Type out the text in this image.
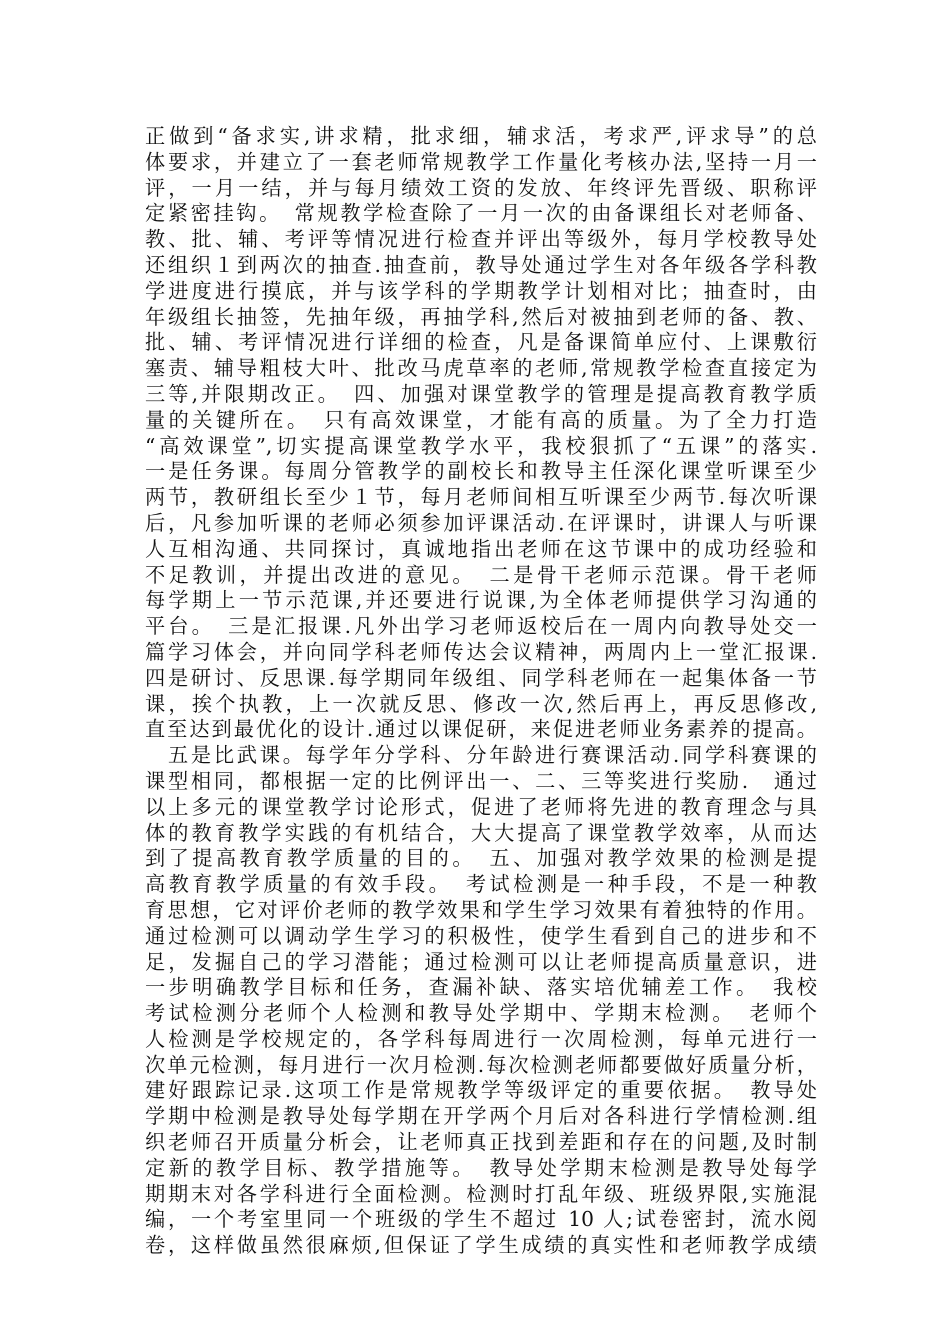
正做到“备求实,讲求精，批求细，辅求活，考求严,评求导”的总
体要求，并建立了一套老师常规教学工作量化考核办法,坚持一月一
评，一月一结，并与每月绩效工资的发放、年终评先晋级、职称评
定紧密挂钩。　常规教学检查除了一月一次的由备课组长对老师备、
教、批、辅、考评等情况进行检查并评出等级外，每月学校教导处
还组织１到两次的抽查.抽查前，教导处通过学生对各年级各学科教
学进度进行摸底，并与该学科的学期教学计划相对比；抽查时，由
年级组长抽签，先抽年级，再抽学科,然后对被抽到老师的备、教、
批、辅、考评情况进行详细的检查，凡是备课简单应付、上课敷衍
塞责、辅导粗枝大叶、批改马虎草率的老师,常规教学检查直接定为
三等,并限期改正。　四、加强对课堂教学的管理是提高教育教学质
量的关键所在。　只有高效课堂，才能有高的质量。为了全力打造
“高效课堂”,切实提高课堂教学水平，我校狠抓了“五课”的落实.
一是任务课。每周分管教学的副校长和教导主任深化课堂听课至少
两节，教研组长至少１节，每月老师间相互听课至少两节.每次听课
后，凡参加听课的老师必须参加评课活动.在评课时，讲课人与听课
人互相沟通、共同探讨，真诚地指出老师在这节课中的成功经验和
不足教训，并提出改进的意见。　二是骨干老师示范课。骨干老师
每学期上一节示范课,并还要进行说课,为全体老师提供学习沟通的
平台。　三是汇报课.凡外出学习老师返校后在一周内向教导处交一
篇学习体会，并向同学科老师传达会议精神，两周内上一堂汇报课.
四是研讨、反思课.每学期同年级组、同学科老师在一起集体备一节
课，挨个执教，上一次就反思、修改一次,然后再上，再反思修改,
直至达到最优化的设计.通过以课促研，来促进老师业务素养的提高。
　五是比武课。每学年分学科、分年龄进行赛课活动.同学科赛课的
课型相同，都根据一定的比例评出一、二、三等奖进行奖励.　通过
以上多元的课堂教学讨论形式，促进了老师将先进的教育理念与具
体的教育教学实践的有机结合，大大提高了课堂教学效率，从而达
到了提高教育教学质量的目的。　五、加强对教学效果的检测是提
高教育教学质量的有效手段。　考试检测是一种手段，不是一种教
育思想，它对评价老师的教学效果和学生学习效果有着独特的作用。
通过检测可以调动学生学习的积极性，使学生看到自己的进步和不
足，发掘自己的学习潜能；通过检测可以让老师提高质量意识，进
一步明确教学目标和任务，查漏补缺、落实培优辅差工作。　我校
考试检测分老师个人检测和教导处学期中、学期末检测。　老师个
人检测是学校规定的，各学科每周进行一次周检测，每单元进行一
次单元检测，每月进行一次月检测.每次检测老师都要做好质量分析，
建好跟踪记录.这项工作是常规教学等级评定的重要依据。　教导处
学期中检测是教导处每学期在开学两个月后对各科进行学情检测.组
织老师召开质量分析会，让老师真正找到差距和存在的问题,及时制
定新的教学目标、教学措施等。　教导处学期末检测是教导处每学
期期末对各学科进行全面检测。检测时打乱年级、班级界限,实施混
编，一个考室里同一个班级的学生不超过 10 人;试卷密封，流水阅
卷，这样做虽然很麻烦,但保证了学生成绩的真实性和老师教学成绩
